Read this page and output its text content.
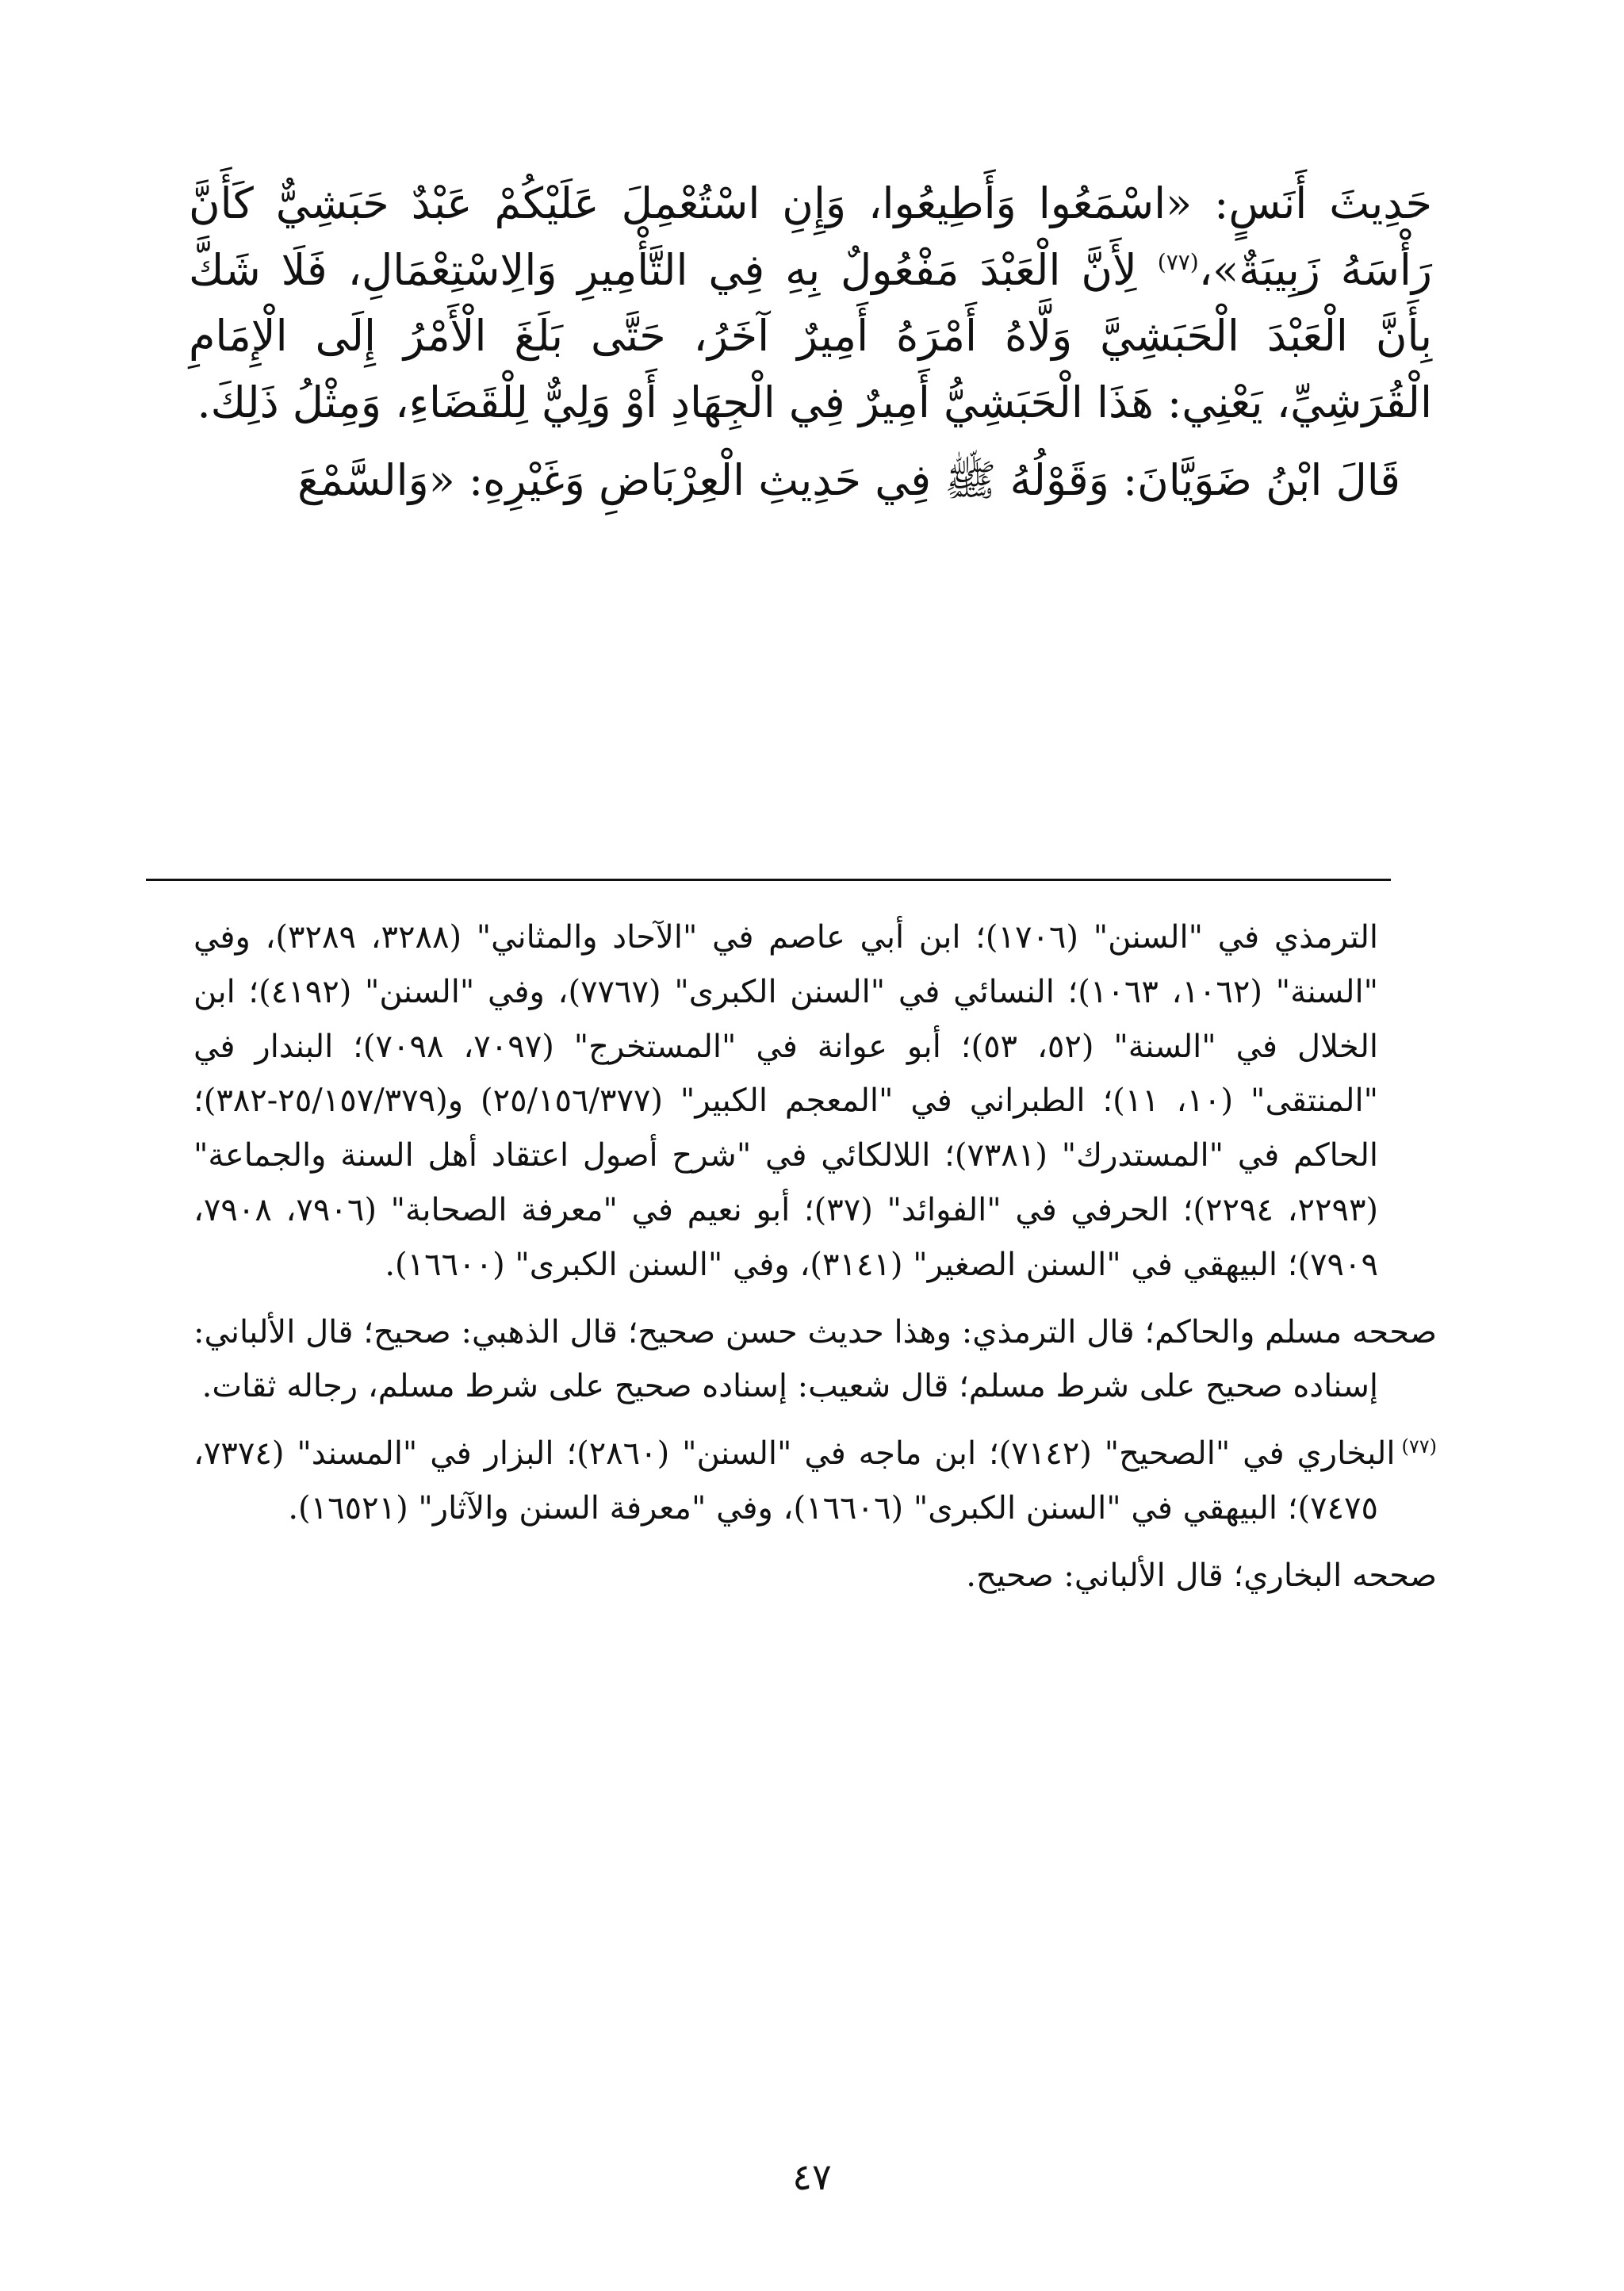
حَدِيثَ أَنَسٍ: «اسْمَعُوا وَأَطِيعُوا، وَإِنِ اسْتُعْمِلَ عَلَيْكُمْ عَبْدٌ حَبَشِيٌّ كَأَنَّ رَأْسَهُ زَبِيبَةٌ»،$^{(٧٧)}$ لِأَنَّ الْعَبْدَ مَفْعُولٌ بِهِ فِي التَّأْمِيرِ وَالِاسْتِعْمَالِ، فَلَا شَكَّ بِأَنَّ الْعَبْدَ الْحَبَشِيَّ وَلَّاهُ أَمْرَهُ أَمِيرٌ آخَرُ، حَتَّى بَلَغَ الْأَمْرُ إِلَى الْإِمَامِ الْقُرَشِيِّ، يَعْنِي: هَذَا الْحَبَشِيُّ أَمِيرٌ فِي الْجِهَادِ أَوْ وَلِيٌّ لِلْقَضَاءِ، وَمِثْلُ ذَلِكَ.

قَالَ ابْنُ ضَوَيَّانَ: وَقَوْلُهُ ﷺ فِي حَدِيثِ الْعِرْبَاضِ وَغَيْرِهِ: «وَالسَّمْعَ

الترمذي في "السنن" (١٧٠٦)؛ ابن أبي عاصم في "الآحاد والمثاني" (٣٢٨٨، ٣٢٨٩)، وفي "السنة" (١٠٦٢، ١٠٦٣)؛ النسائي في "السنن الكبرى" (٧٧٦٧)، وفي "السنن" (٤١٩٢)؛ ابن الخلال في "السنة" (٥٢، ٥٣)؛ أبو عوانة في "المستخرج" (٧٠٩٧، ٧٠٩٨)؛ البندار في "المنتقى" (١٠، ١١)؛ الطبراني في "المعجم الكبير" (٢٥/١٥٦/٣٧٧) و(٢٥/١٥٧/٣٧٩-٣٨٢)؛ الحاكم في "المستدرك" (٧٣٨١)؛ اللالكائي في "شرح أصول اعتقاد أهل السنة والجماعة" (٢٢٩٣، ٢٢٩٤)؛ الحرفي في "الفوائد" (٣٧)؛ أبو نعيم في "معرفة الصحابة" (٧٩٠٦، ٧٩٠٨، ٧٩٠٩)؛ البيهقي في "السنن الصغير" (٣١٤١)، وفي "السنن الكبرى" (١٦٦٠٠).

صححه مسلم والحاكم؛ قال الترمذي: وهذا حديث حسن صحيح؛ قال الذهبي: صحيح؛ قال الألباني: إسناده صحيح على شرط مسلم؛ قال شعيب: إسناده صحيح على شرط مسلم، رجاله ثقات.

$^{(٧٧)}$البخاري في "الصحيح" (٧١٤٢)؛ ابن ماجه في "السنن" (٢٨٦٠)؛ البزار في "المسند" (٧٣٧٤، ٧٤٧٥)؛ البيهقي في "السنن الكبرى" (١٦٦٠٦)، وفي "معرفة السنن والآثار" (١٦٥٢١).

صححه البخاري؛ قال الألباني: صحيح.

٤٧
